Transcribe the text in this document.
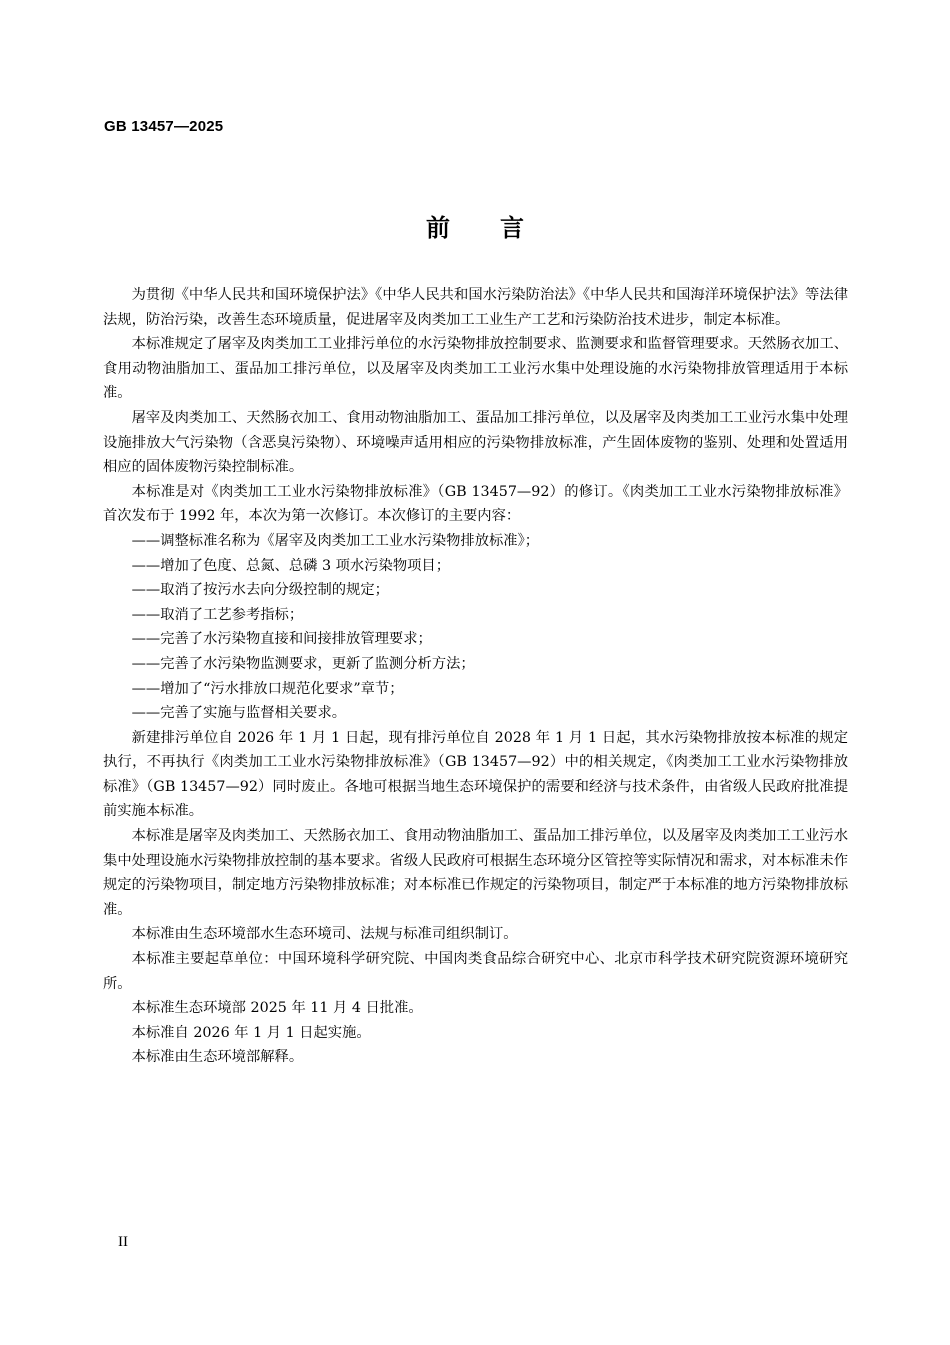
GB 13457—2025
前言

为贯彻《中华人民共和国环境保护法》《中华人民共和国水污染防治法》《中华人民共和国海洋环境保护法》等法律法规，防治污染，改善生态环境质量，促进屠宰及肉类加工工业生产工艺和污染防治技术进步，制定本标准。

本标准规定了屠宰及肉类加工工业排污单位的水污染物排放控制要求、监测要求和监督管理要求。天然肠衣加工、食用动物油脂加工、蛋品加工排污单位，以及屠宰及肉类加工工业污水集中处理设施的水污染物排放管理适用于本标准。

屠宰及肉类加工、天然肠衣加工、食用动物油脂加工、蛋品加工排污单位，以及屠宰及肉类加工工业污水集中处理设施排放大气污染物（含恶臭污染物）、环境噪声适用相应的污染物排放标准，产生固体废物的鉴别、处理和处置适用相应的固体废物污染控制标准。

本标准是对《肉类加工工业水污染物排放标准》（GB 13457—92）的修订。《肉类加工工业水污染物排放标准》首次发布于 1992 年，本次为第一次修订。本次修订的主要内容：

——调整标准名称为《屠宰及肉类加工工业水污染物排放标准》；

——增加了色度、总氮、总磷 3 项水污染物项目；

——取消了按污水去向分级控制的规定；

——取消了工艺参考指标；

——完善了水污染物直接和间接排放管理要求；

——完善了水污染物监测要求，更新了监测分析方法；

——增加了“污水排放口规范化要求”章节；

——完善了实施与监督相关要求。

新建排污单位自 2026 年 1 月 1 日起，现有排污单位自 2028 年 1 月 1 日起，其水污染物排放按本标准的规定执行，不再执行《肉类加工工业水污染物排放标准》（GB 13457—92）中的相关规定，《肉类加工工业水污染物排放标准》（GB 13457—92）同时废止。各地可根据当地生态环境保护的需要和经济与技术条件，由省级人民政府批准提前实施本标准。

本标准是屠宰及肉类加工、天然肠衣加工、食用动物油脂加工、蛋品加工排污单位，以及屠宰及肉类加工工业污水集中处理设施水污染物排放控制的基本要求。省级人民政府可根据生态环境分区管控等实际情况和需求，对本标准未作规定的污染物项目，制定地方污染物排放标准；对本标准已作规定的污染物项目，制定严于本标准的地方污染物排放标准。

本标准由生态环境部水生态环境司、法规与标准司组织制订。

本标准主要起草单位：中国环境科学研究院、中国肉类食品综合研究中心、北京市科学技术研究院资源环境研究所。

本标准生态环境部 2025 年 11 月 4 日批准。

本标准自 2026 年 1 月 1 日起实施。

本标准由生态环境部解释。

II
